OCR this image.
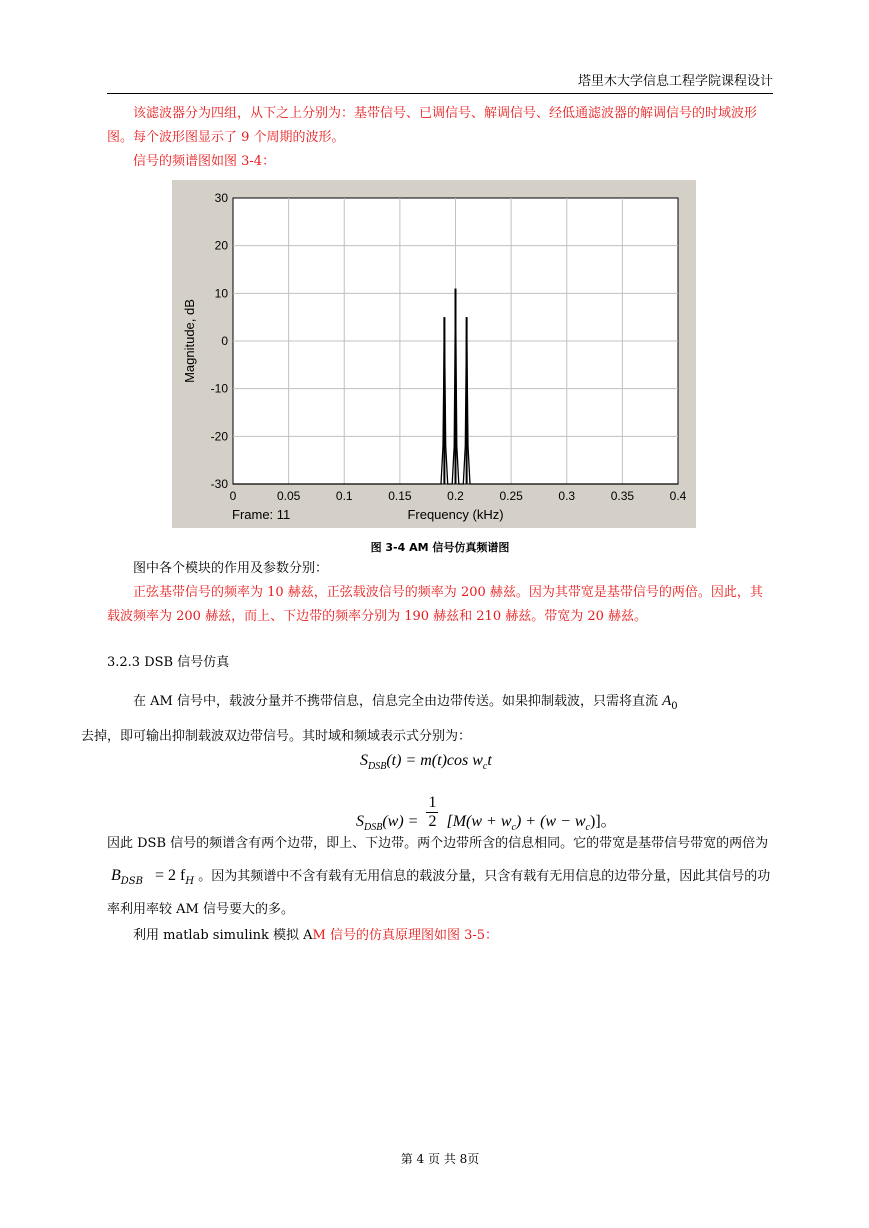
塔里木大学信息工程学院课程设计
该滤波器分为四组，从下之上分别为：基带信号、已调信号、解调信号、经低通滤波器的解调信号的时域波形图。每个波形图显示了 9 个周期的波形。
信号的频谱图如图 3-4：
0	0.05	0.1	0.15	0.2	0.25	0.3	0.35	0.4
30
20
10
0
-10
-20
-30
Magnitude, dB
Frequency (kHz)
Frame: 11
图 3-4 AM 信号仿真频谱图
图中各个模块的作用及参数分别：
正弦基带信号的频率为 10 赫兹，正弦载波信号的频率为 200 赫兹。因为其带宽是基带信号的两倍。因此，其载波频率为 200 赫兹，而上、下边带的频率分别为 190 赫兹和 210 赫兹。带宽为 20 赫兹。
3.2.3 DSB 信号仿真
在 AM 信号中，载波分量并不携带信息，信息完全由边带传送。如果抑制载波，只需将直流 $A_0$
去掉，即可输出抑制载波双边带信号。其时域和频域表示式分别为：
$S_{DSB}(t) = m(t)\cos$ $w_ct$
$S_{DSB}(w) = \frac{1}{2} [M(w + w_c) + (w - w_c)]$。
因此 DSB 信号的频谱含有两个边带，即上、下边带。两个边带所含的信息相同。它的带宽是基带信号带宽的两倍为$B_{DSB} = 2$ $f_H$ 。因为其频谱中不含有载有无用信息的载波分量，只含有载有无用信息的边带分量，因此其信号的功率利用率较 AM 信号要大的多。
利用 matlab simulink 模拟 AM 信号的仿真原理图如图 3-5：
第 4 页 共 8页
